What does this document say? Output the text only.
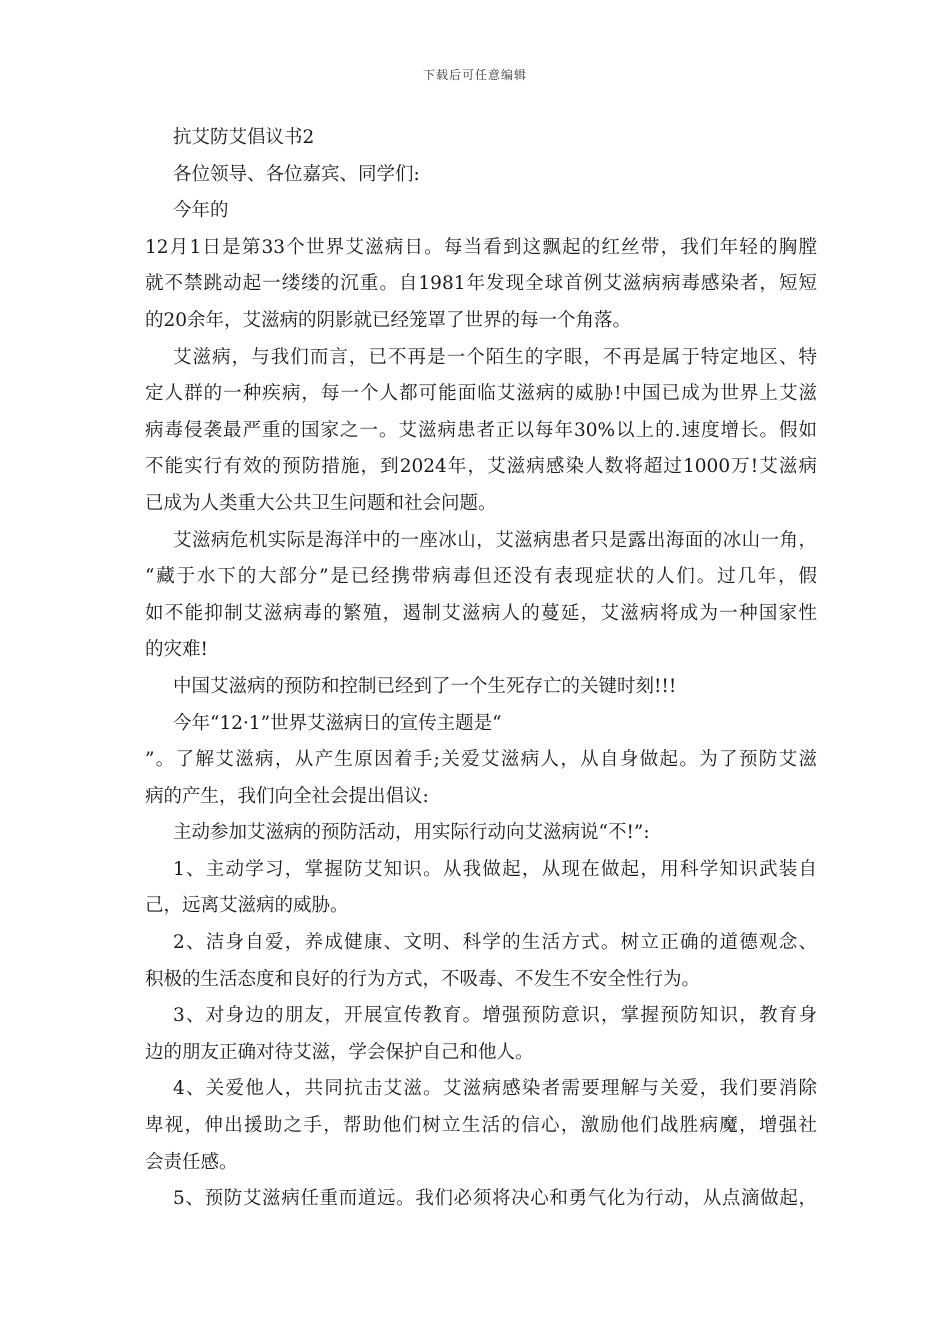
下载后可任意编辑
抗艾防艾倡议书2
各位领导、各位嘉宾、同学们:
今年的
12月1日是第33个世界艾滋病日。每当看到这飘起的红丝带，我们年轻的胸膛
就不禁跳动起一缕缕的沉重。自1981年发现全球首例艾滋病病毒感染者，短短
的20余年，艾滋病的阴影就已经笼罩了世界的每一个角落。
艾滋病，与我们而言，已不再是一个陌生的字眼，不再是属于特定地区、特
定人群的一种疾病，每一个人都可能面临艾滋病的威胁!中国已成为世界上艾滋
病毒侵袭最严重的国家之一。艾滋病患者正以每年30%以上的.速度增长。假如
不能实行有效的预防措施，到2024年，艾滋病感染人数将超过1000万!艾滋病
已成为人类重大公共卫生问题和社会问题。
艾滋病危机实际是海洋中的一座冰山，艾滋病患者只是露出海面的冰山一角，
“藏于水下的大部分”是已经携带病毒但还没有表现症状的人们。过几年，假
如不能抑制艾滋病毒的繁殖，遏制艾滋病人的蔓延，艾滋病将成为一种国家性
的灾难!
中国艾滋病的预防和控制已经到了一个生死存亡的关键时刻!!!
今年“12·1”世界艾滋病日的宣传主题是“
”。了解艾滋病，从产生原因着手;关爱艾滋病人，从自身做起。为了预防艾滋
病的产生，我们向全社会提出倡议:
主动参加艾滋病的预防活动，用实际行动向艾滋病说“不!”:
1、主动学习，掌握防艾知识。从我做起，从现在做起，用科学知识武装自
己，远离艾滋病的威胁。
2、洁身自爱，养成健康、文明、科学的生活方式。树立正确的道德观念、
积极的生活态度和良好的行为方式，不吸毒、不发生不安全性行为。
3、对身边的朋友，开展宣传教育。增强预防意识，掌握预防知识，教育身
边的朋友正确对待艾滋，学会保护自己和他人。
4、关爱他人，共同抗击艾滋。艾滋病感染者需要理解与关爱，我们要消除
卑视，伸出援助之手，帮助他们树立生活的信心，激励他们战胜病魔，增强社
会责任感。
5、预防艾滋病任重而道远。我们必须将决心和勇气化为行动，从点滴做起，
